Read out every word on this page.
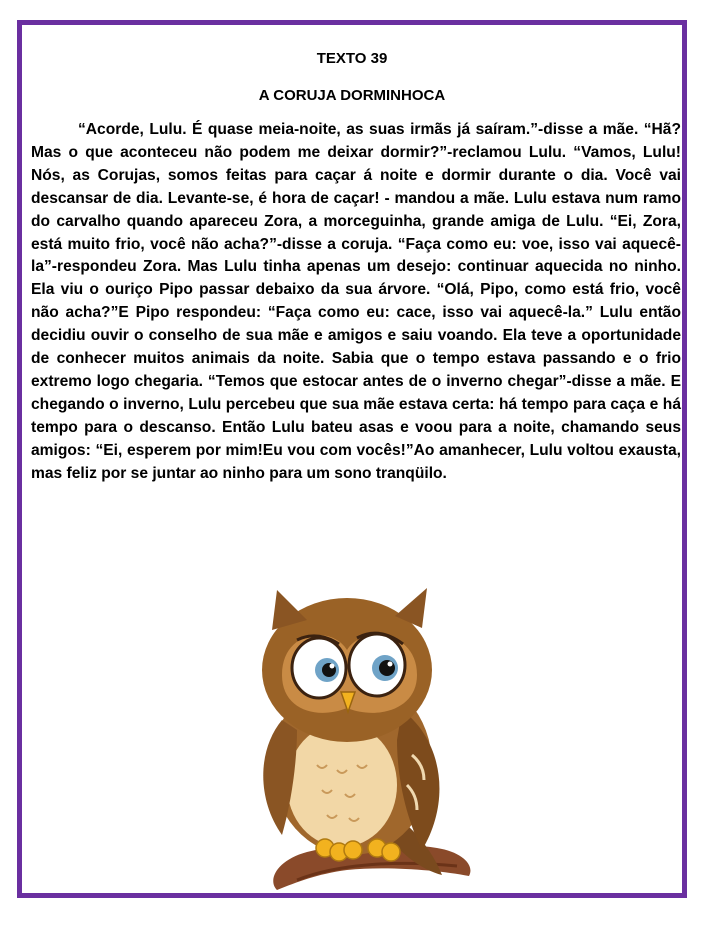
TEXTO 39

A CORUJA DORMINHOCA

“Acorde, Lulu. É quase meia-noite, as suas irmãs já saíram.”-disse a mãe. “Hã? Mas o que aconteceu não podem me deixar dormir?”-reclamou Lulu. “Vamos, Lulu! Nós, as Corujas, somos feitas para caçar á noite e dormir durante o dia. Você vai descansar de dia. Levante-se, é hora de caçar! - mandou a mãe. Lulu estava num ramo do carvalho quando apareceu Zora, a morceguinha, grande amiga de Lulu. “Ei, Zora, está muito frio, você não acha?”-disse a coruja. “Faça como eu: voe, isso vai aquecê-la”-respondeu Zora. Mas Lulu tinha apenas um desejo: continuar aquecida no ninho. Ela viu o ouriço Pipo passar debaixo da sua árvore. “Olá, Pipo, como está frio, você não acha?”E Pipo respondeu: “Faça como eu: cace, isso vai aquecê-la.” Lulu então decidiu ouvir o conselho de sua mãe e amigos e saiu voando. Ela teve a oportunidade de conhecer muitos animais da noite. Sabia que o tempo estava passando e o frio extremo logo chegaria. “Temos que estocar antes de o inverno chegar”-disse a mãe. E chegando o inverno, Lulu percebeu que sua mãe estava certa: há tempo para caça e há tempo para o descanso. Então Lulu bateu asas e voou para a noite, chamando seus amigos: “Ei, esperem por mim!Eu vou com vocês!”Ao amanhecer, Lulu voltou exausta, mas feliz por se juntar ao ninho para um sono tranqüilo.
